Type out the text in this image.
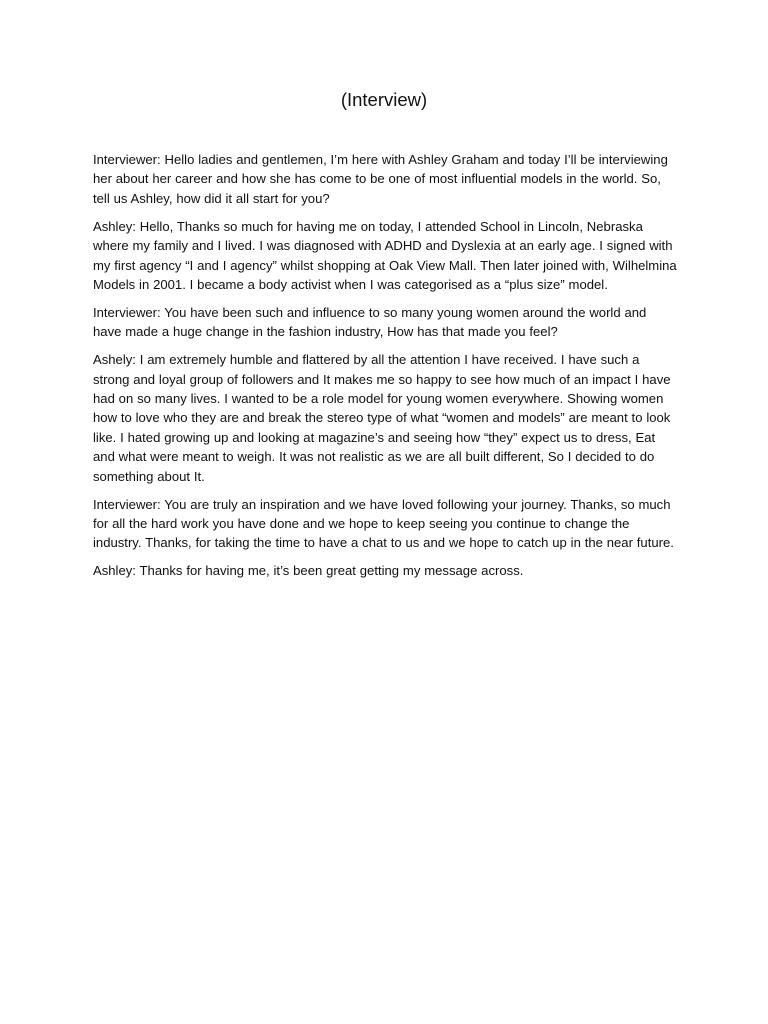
(Interview)

Interviewer: Hello ladies and gentlemen, I’m here with Ashley Graham and today I’ll be interviewing her about her career and how she has come to be one of most influential models in the world. So, tell us Ashley, how did it all start for you?

Ashley: Hello, Thanks so much for having me on today, I attended School in Lincoln, Nebraska where my family and I lived. I was diagnosed with ADHD and Dyslexia at an early age. I signed with my first agency “I and I agency” whilst shopping at Oak View Mall. Then later joined with, Wilhelmina Models in 2001. I became a body activist when I was categorised as a “plus size” model.

Interviewer: You have been such and influence to so many young women around the world and have made a huge change in the fashion industry, How has that made you feel?

Ashely: I am extremely humble and flattered by all the attention I have received. I have such a strong and loyal group of followers and It makes me so happy to see how much of an impact I have had on so many lives. I wanted to be a role model for young women everywhere. Showing women how to love who they are and break the stereo type of what “women and models” are meant to look like. I hated growing up and looking at magazine’s and seeing how “they” expect us to dress, Eat and what were meant to weigh. It was not realistic as we are all built different, So I decided to do something about It.

Interviewer: You are truly an inspiration and we have loved following your journey. Thanks, so much for all the hard work you have done and we hope to keep seeing you continue to change the industry. Thanks, for taking the time to have a chat to us and we hope to catch up in the near future.

Ashley: Thanks for having me, it’s been great getting my message across.
